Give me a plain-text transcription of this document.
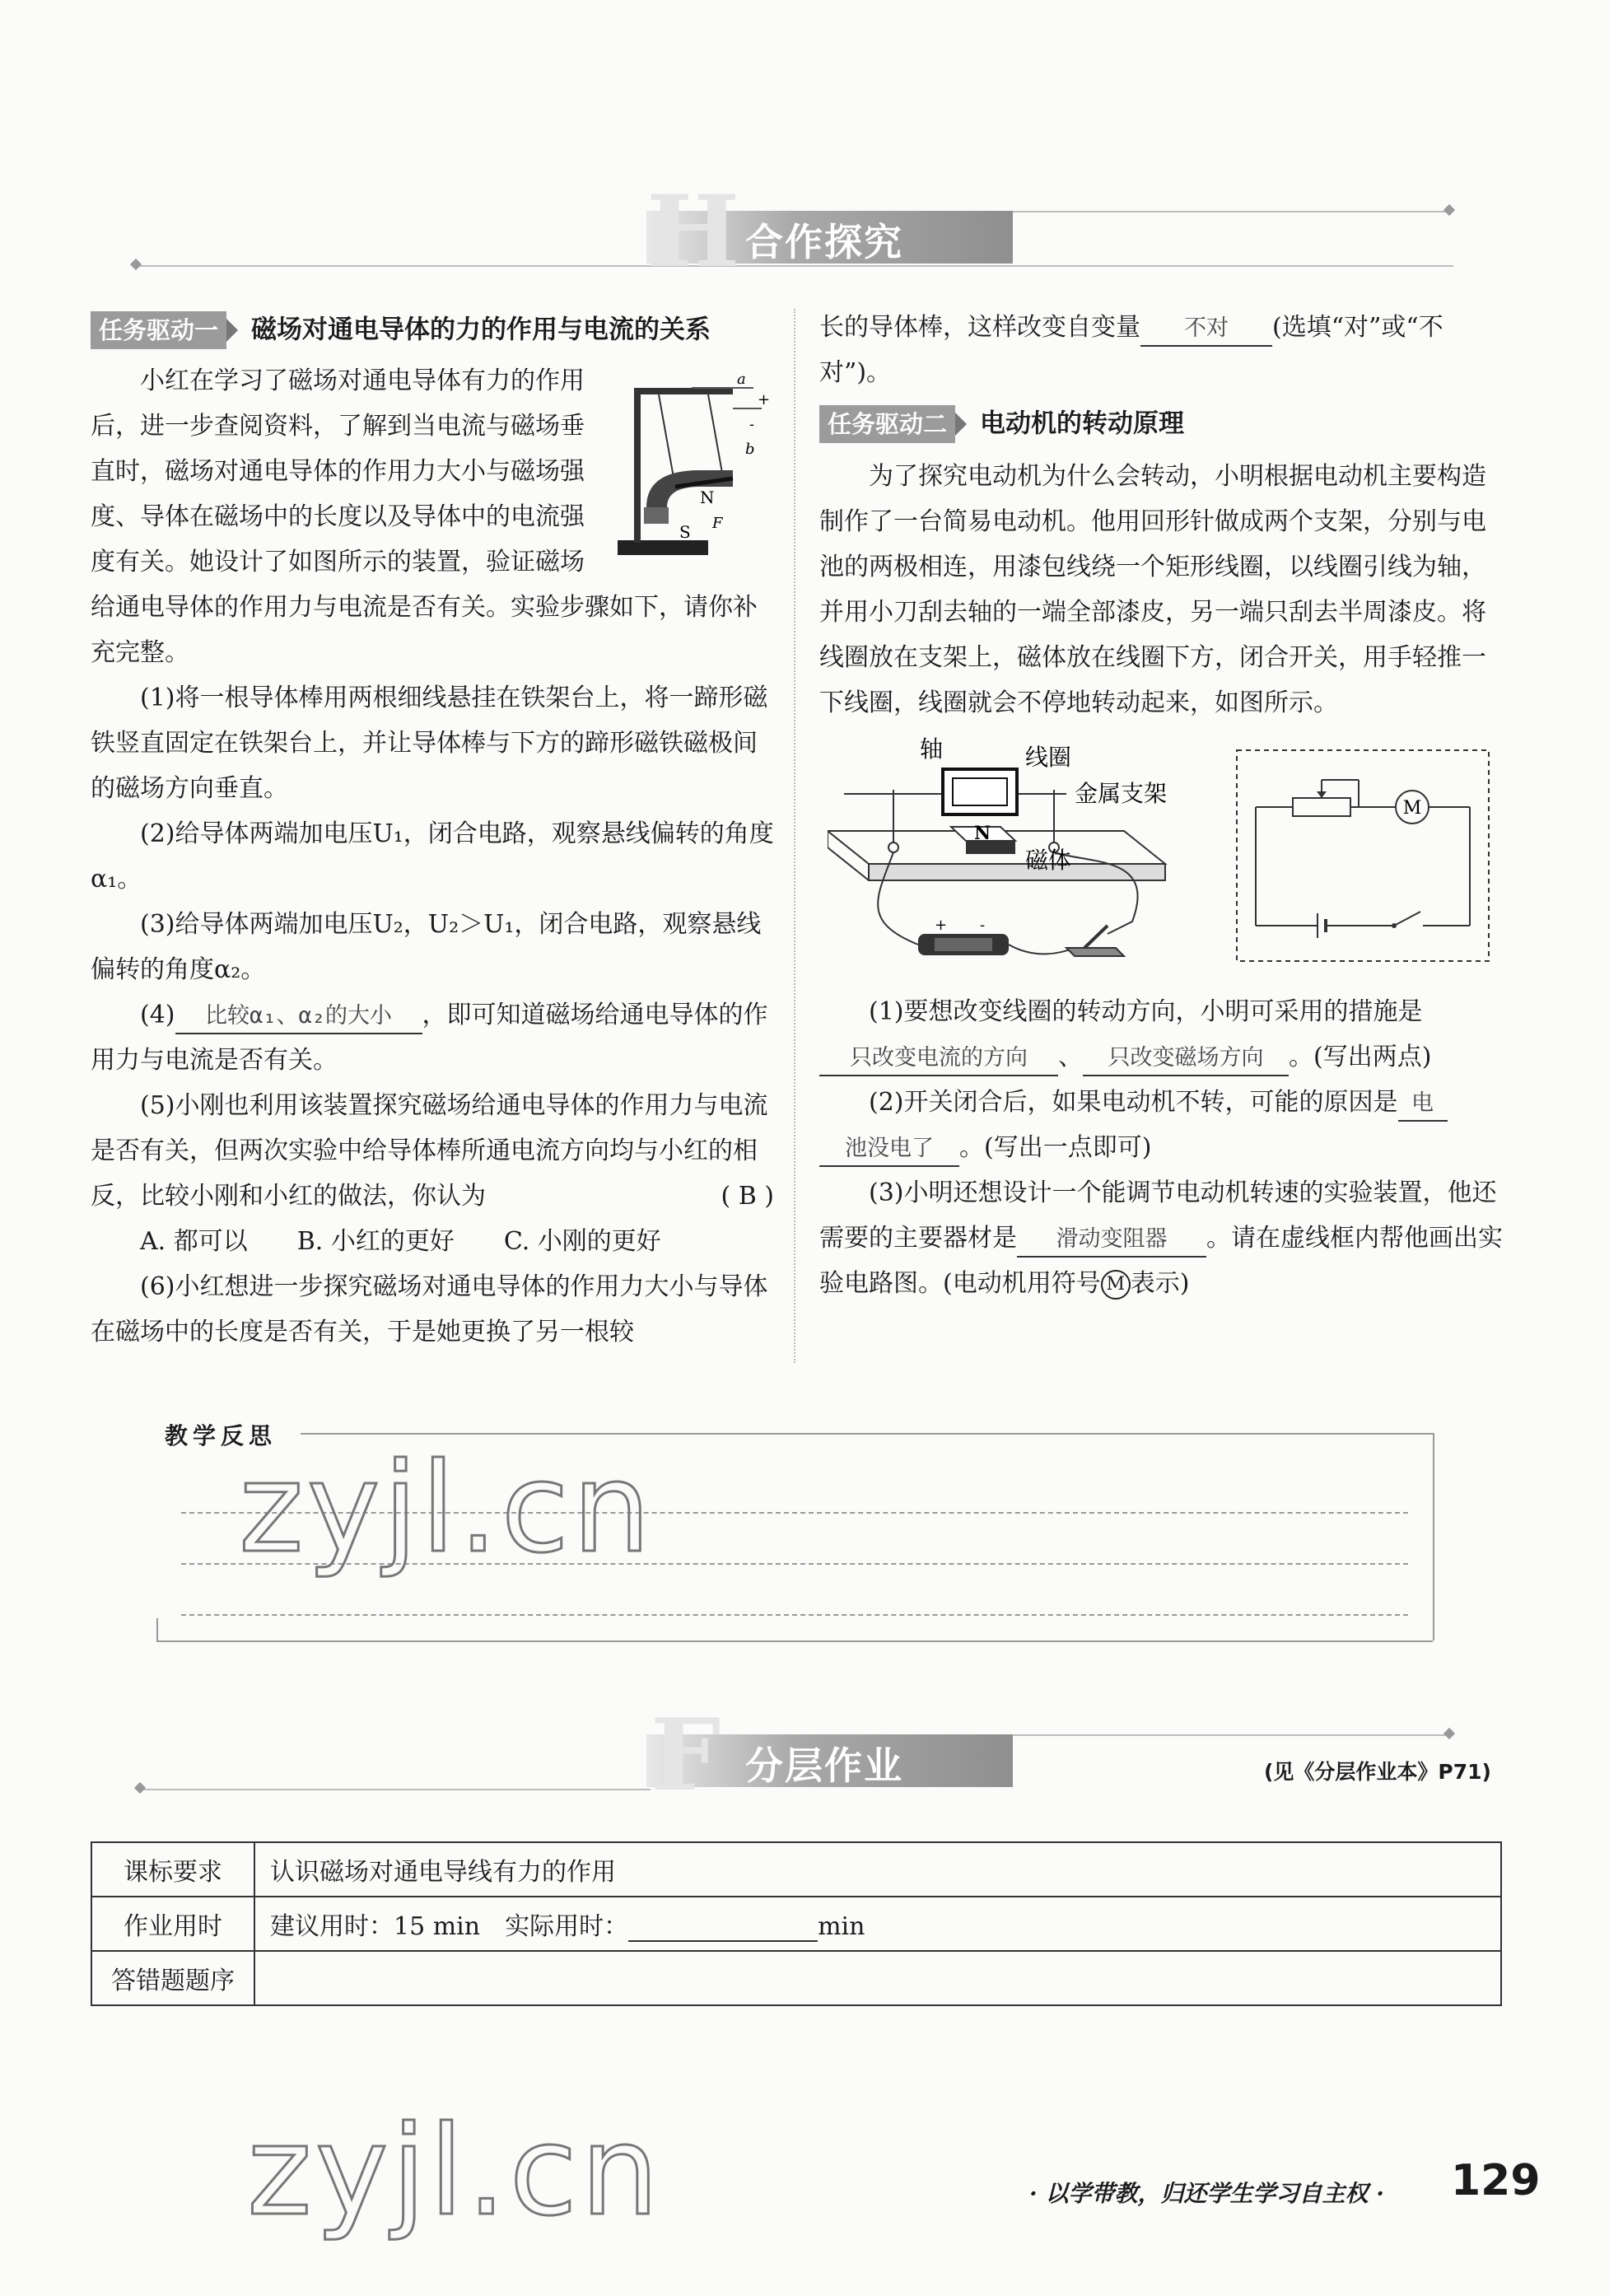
H 合作探究
任务驱动一 磁场对通电导体的力的作用与电流的关系
a
+
b
-
N
F
S

小红在学习了磁场对通电导体有力的作用后，进一步查阅资料，了解到当电流与磁场垂直时，磁场对通电导体的作用力大小与磁场强度、导体在磁场中的长度以及导体中的电流强度有关。她设计了如图所示的装置，验证磁场给通电导体的作用力与电流是否有关。实验步骤如下，请你补充完整。

(1)将一根导体棒用两根细线悬挂在铁架台上，将一蹄形磁铁竖直固定在铁架台上，并让导体棒与下方的蹄形磁铁磁极间的磁场方向垂直。

(2)给导体两端加电压U₁，闭合电路，观察悬线偏转的角度α₁。

(3)给导体两端加电压U₂，U₂＞U₁，闭合电路，观察悬线偏转的角度α₂。

(4) 比较α₁、α₂的大小 ，即可知道磁场给通电导体的作用力与电流是否有关。

(5)小刚也利用该装置探究磁场给通电导体的作用力与电流是否有关，但两次实验中给导体棒所通电流方向均与小红的相反，比较小刚和小红的做法，你认为	( B )

A. 都可以　　B. 小红的更好　　C. 小刚的更好

(6)小红想进一步探究磁场对通电导体的作用力大小与导体在磁场中的长度是否有关，于是她更换了另一根较

长的导体棒，这样改变自变量 不对 (选填“对”或“不对”)。

任务驱动二 电动机的转动原理

为了探究电动机为什么会转动，小明根据电动机主要构造制作了一台简易电动机。他用回形针做成两个支架，分别与电池的两极相连，用漆包线绕一个矩形线圈，以线圈引线为轴，并用小刀刮去轴的一端全部漆皮，另一端只刮去半周漆皮。将线圈放在支架上，磁体放在线圈下方，闭合开关，用手轻推一下线圈，线圈就会不停地转动起来，如图所示。

轴	线圈
金属支架
磁体
N
+ -
M

(1)要想改变线圈的转动方向，小明可采用的措施是

只改变电流的方向 、 只改变磁场方向 。(写出两点)

(2)开关闭合后，如果电动机不转，可能的原因是 电

池没电了 。(写出一点即可)

(3)小明还想设计一个能调节电动机转速的实验装置，他还需要的主要器材是 滑动变阻器 。请在虚线框内帮他画出实验电路图。(电动机用符号 M 表示)

教学反思
zyjl.cn
F 分层作业	(见《分层作业本》P71)
课标要求	认识磁场对通电导线有力的作用
作业用时	建议用时：15 min　实际用时： min
答错题题序	
zyjl.cn	· 以学带教，归还学生学习自主权 · 129
